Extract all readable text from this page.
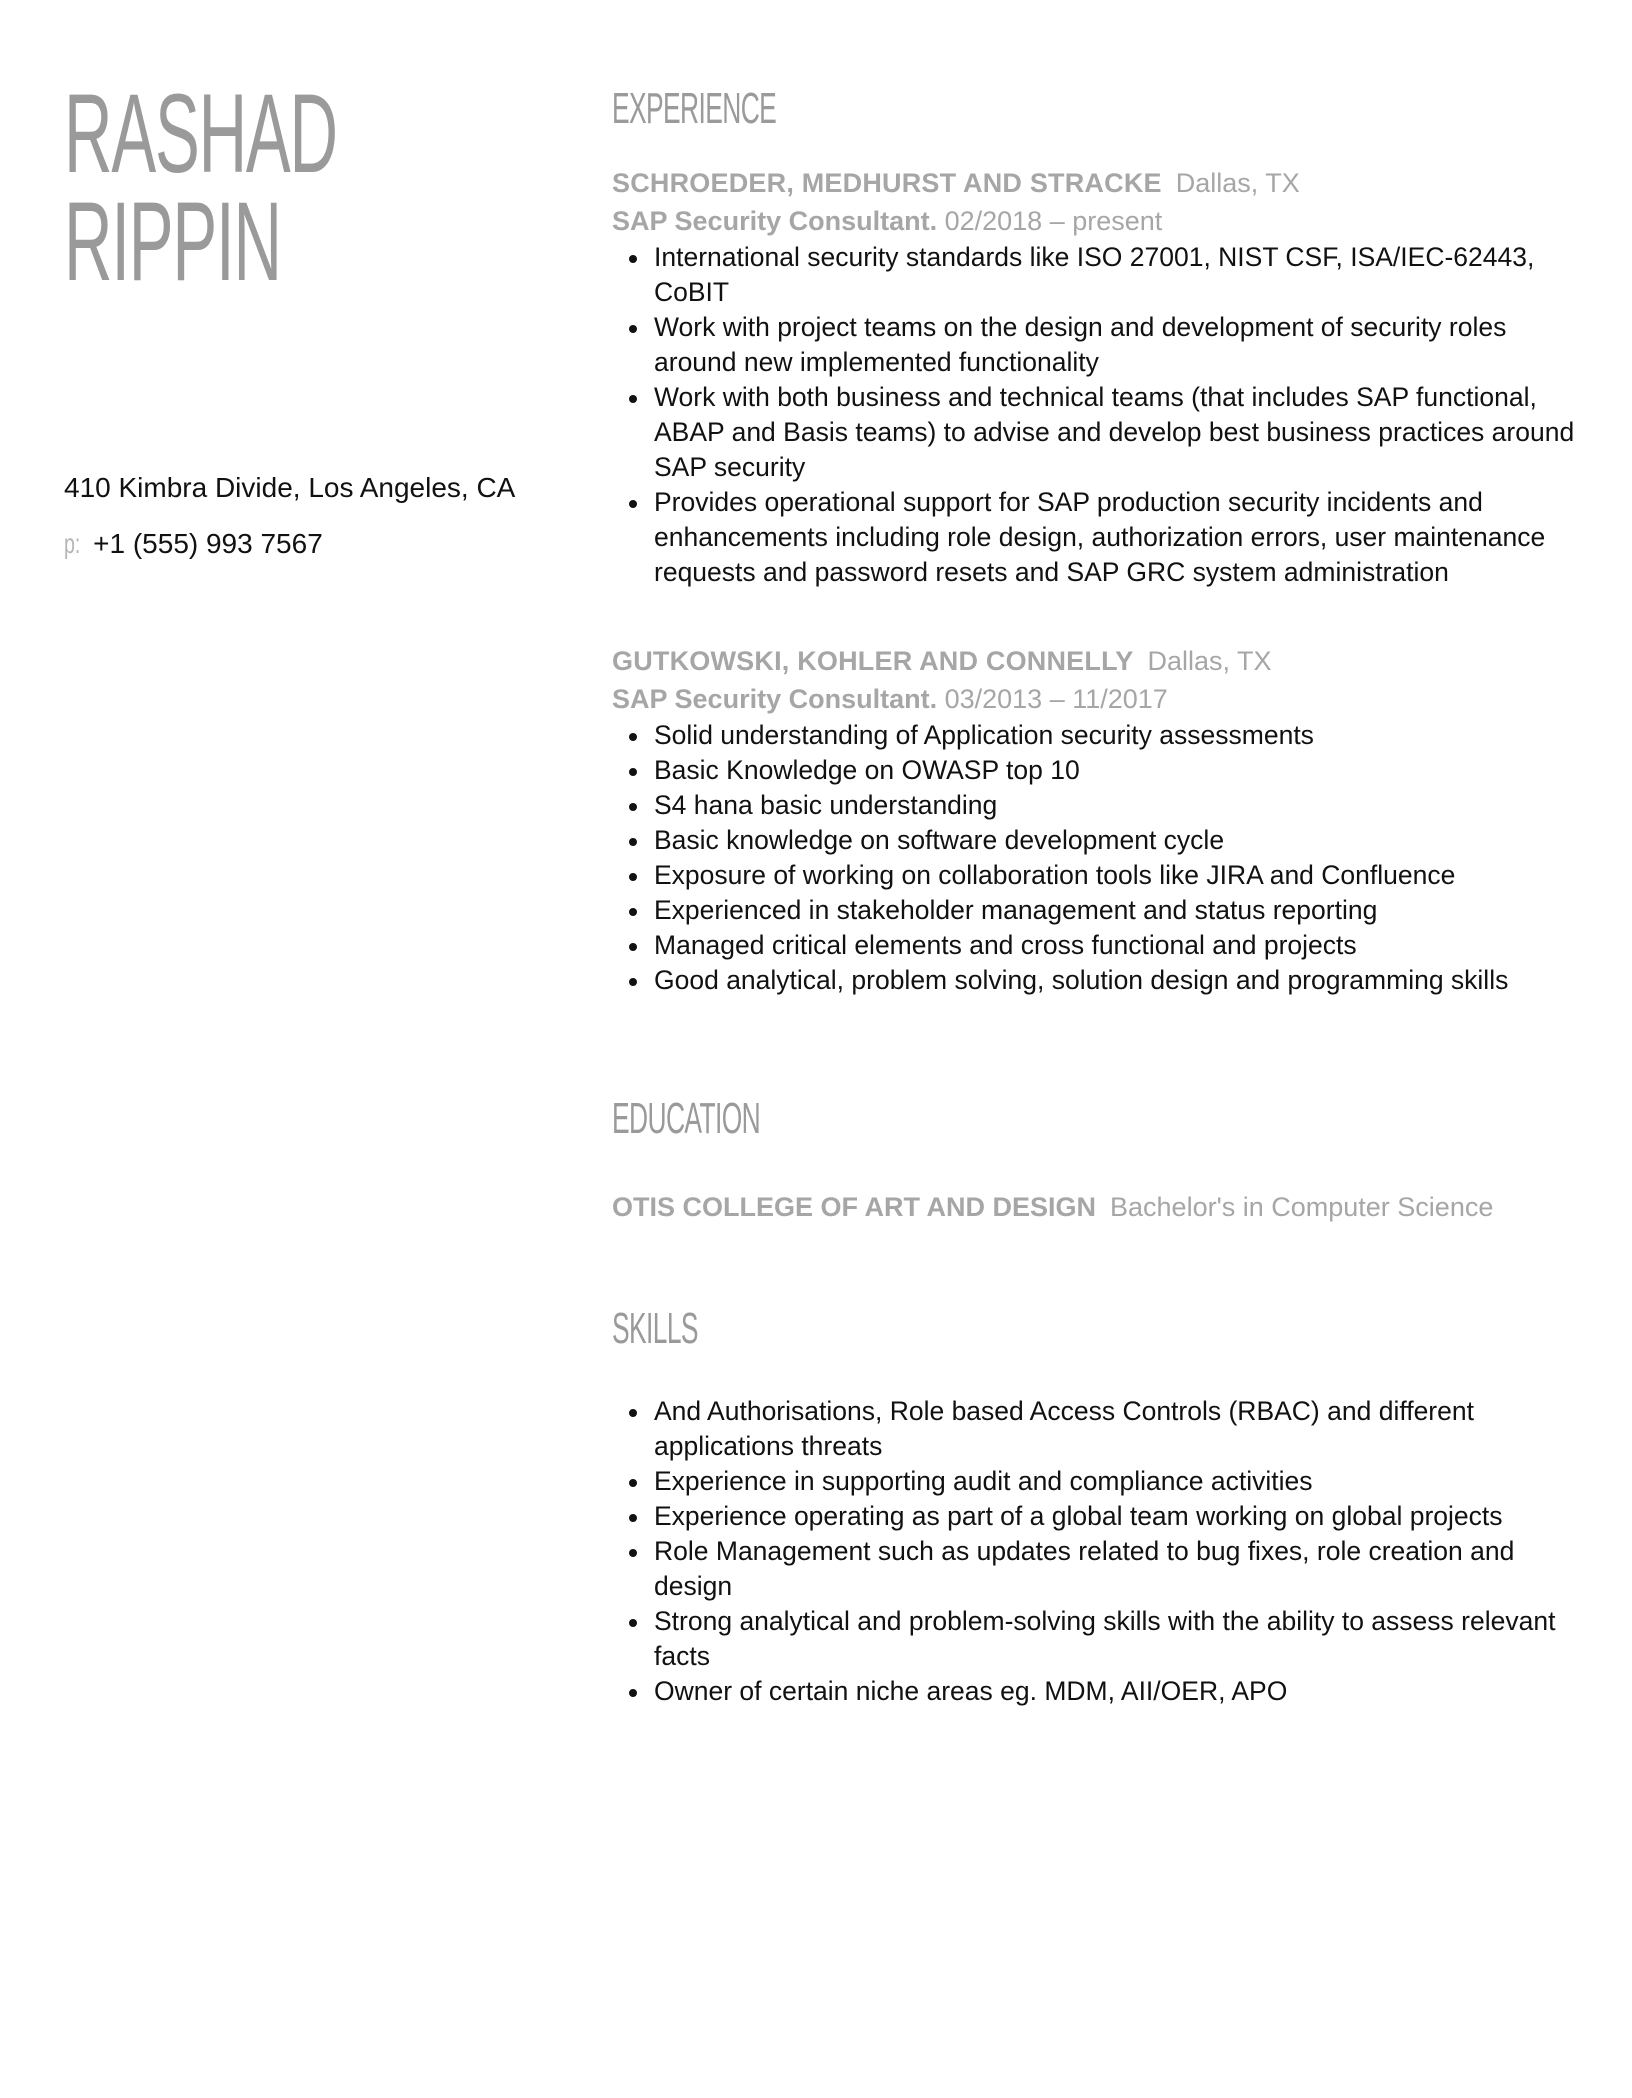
RASHAD
RIPPIN
410 Kimbra Divide, Los Angeles, CA
p: +1 (555) 993 7567
EXPERIENCE
SCHROEDER, MEDHURST AND STRACKE Dallas, TX
SAP Security Consultant. 02/2018 – present
International security standards like ISO 27001, NIST CSF, ISA/IEC-62443, CoBIT
Work with project teams on the design and development of security roles around new implemented functionality
Work with both business and technical teams (that includes SAP functional, ABAP and Basis teams) to advise and develop best business practices around SAP security
Provides operational support for SAP production security incidents and enhancements including role design, authorization errors, user maintenance requests and password resets and SAP GRC system administration
GUTKOWSKI, KOHLER AND CONNELLY Dallas, TX
SAP Security Consultant. 03/2013 – 11/2017
Solid understanding of Application security assessments
Basic Knowledge on OWASP top 10
S4 hana basic understanding
Basic knowledge on software development cycle
Exposure of working on collaboration tools like JIRA and Confluence
Experienced in stakeholder management and status reporting
Managed critical elements and cross functional and projects
Good analytical, problem solving, solution design and programming skills
EDUCATION
OTIS COLLEGE OF ART AND DESIGN Bachelor's in Computer Science
SKILLS
And Authorisations, Role based Access Controls (RBAC) and different applications threats
Experience in supporting audit and compliance activities
Experience operating as part of a global team working on global projects
Role Management such as updates related to bug fixes, role creation and design
Strong analytical and problem-solving skills with the ability to assess relevant facts
Owner of certain niche areas eg. MDM, AII/OER, APO
